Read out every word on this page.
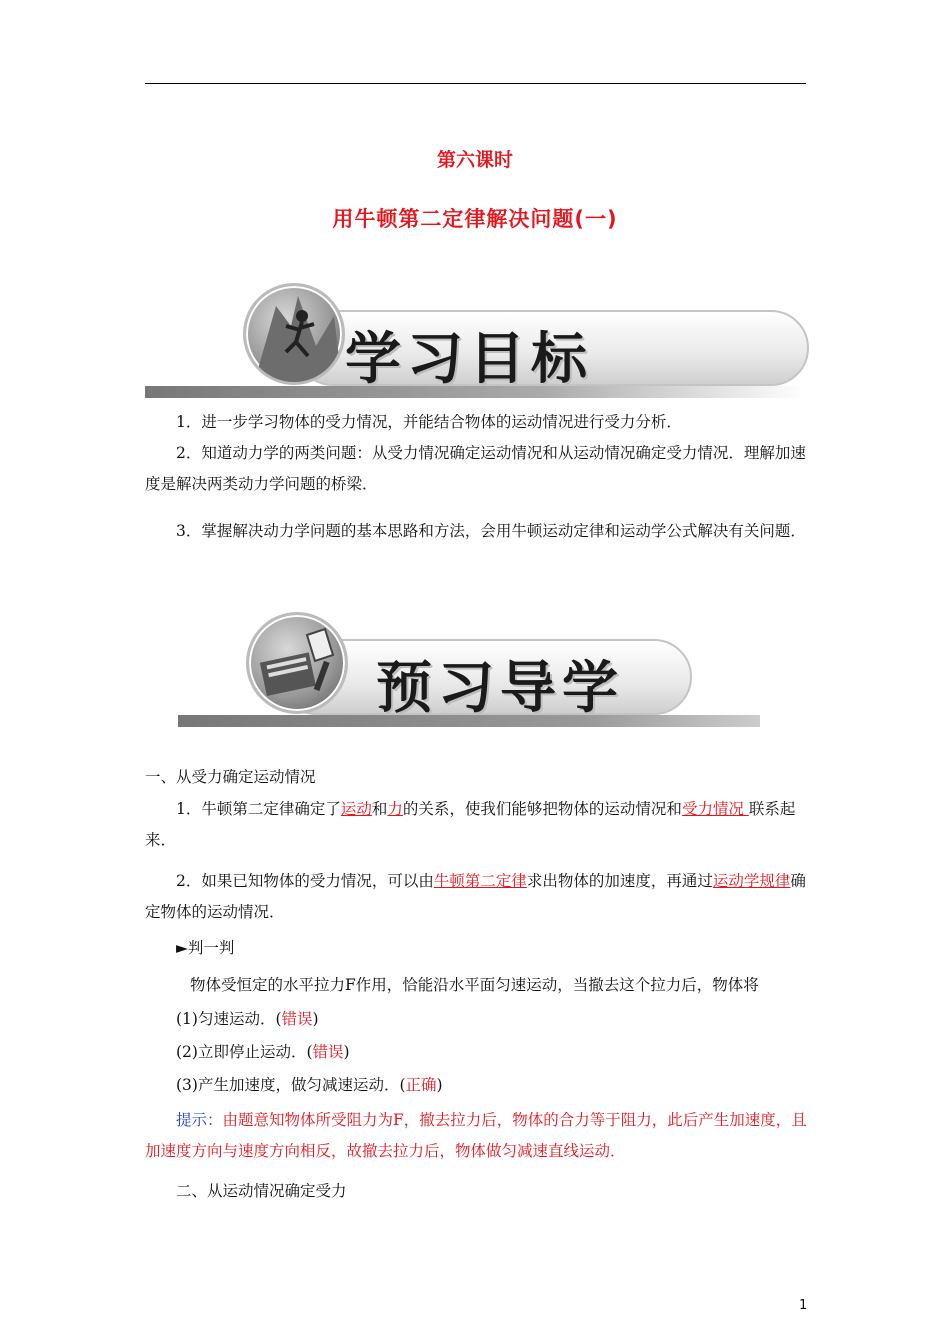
第六课时
用牛顿第二定律解决问题(一)
学习目标
1．进一步学习物体的受力情况，并能结合物体的运动情况进行受力分析．
2．知道动力学的两类问题：从受力情况确定运动情况和从运动情况确定受力情况．理解加速度是解决两类动力学问题的桥梁．
3．掌握解决动力学问题的基本思路和方法，会用牛顿运动定律和运动学公式解决有关问题．
预习导学
一、从受力确定运动情况
1．牛顿第二定律确定了运动和力的关系，使我们能够把物体的运动情况和受力情况 联系起来．
2．如果已知物体的受力情况，可以由牛顿第二定律求出物体的加速度，再通过运动学规律确定物体的运动情况．
►判一判
物体受恒定的水平拉力F作用，恰能沿水平面匀速运动，当撤去这个拉力后，物体将
(1)匀速运动．(错误)
(2)立即停止运动．(错误)
(3)产生加速度，做匀减速运动．(正确)
提示：由题意知物体所受阻力为F，撤去拉力后，物体的合力等于阻力，此后产生加速度，且加速度方向与速度方向相反，故撤去拉力后，物体做匀减速直线运动．
二、从运动情况确定受力
1
